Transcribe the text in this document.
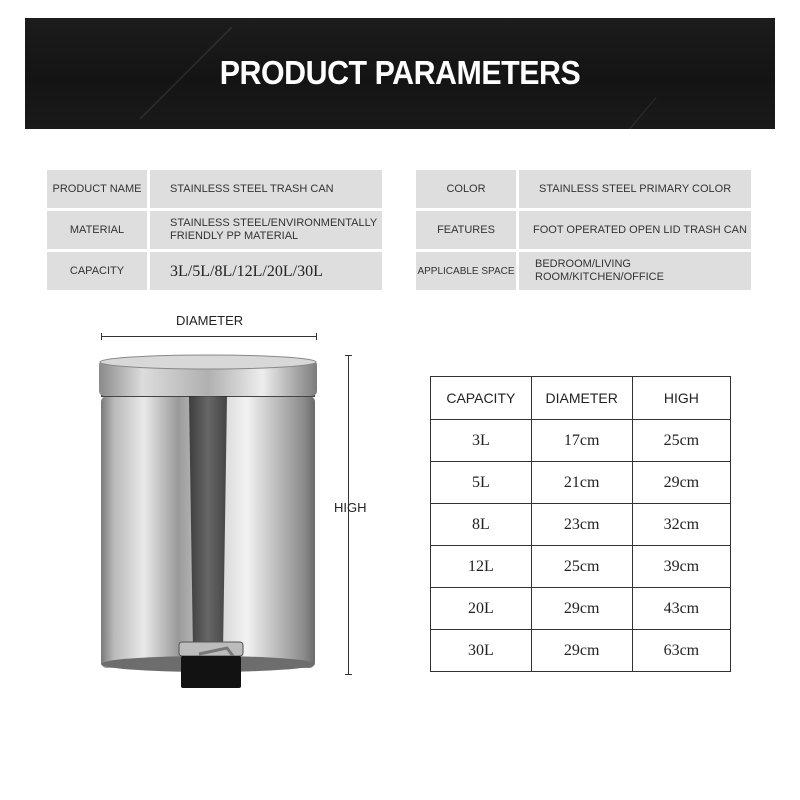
PRODUCT PARAMETERS
PRODUCT NAME	STAINLESS STEEL TRASH CAN
MATERIAL	STAINLESS STEEL/ENVIRONMENTALLY FRIENDLY PP MATERIAL
CAPACITY	3L/5L/8L/12L/20L/30L
COLOR	STAINLESS STEEL PRIMARY COLOR
FEATURES	FOOT OPERATED OPEN LID TRASH CAN
APPLICABLE SPACE	BEDROOM/LIVING ROOM/KITCHEN/OFFICE
DIAMETER
HIGH
CAPACITY	DIAMETER	HIGH
3L	17cm	25cm
5L	21cm	29cm
8L	23cm	32cm
12L	25cm	39cm
20L	29cm	43cm
30L	29cm	63cm
